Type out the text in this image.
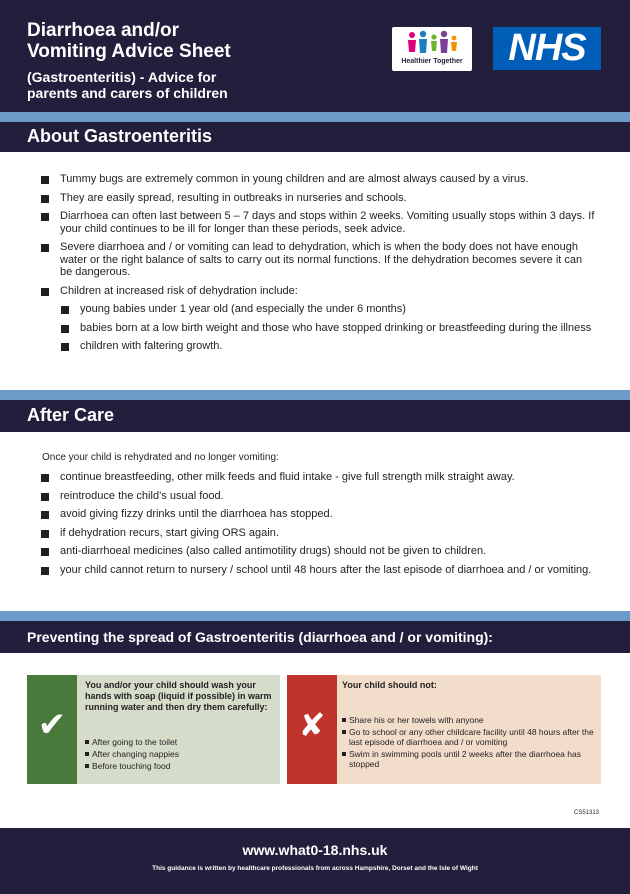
Diarrhoea and/or
Vomiting Advice Sheet
(Gastroenteritis) - Advice for
parents and carers of children
Healthier Together	NHS
About Gastroenteritis
Tummy bugs are extremely common in young children and are almost always caused by a virus.
They are easily spread, resulting in outbreaks in nurseries and schools.
Diarrhoea can often last between 5 – 7 days and stops within 2 weeks. Vomiting usually stops within 3 days. If your child continues to be ill for longer than these periods, seek advice.
Severe diarrhoea and / or vomiting can lead to dehydration, which is when the body does not have enough water or the right balance of salts to carry out its normal functions. If the dehydration becomes severe it can be dangerous.
Children at increased risk of dehydration include:
young babies under 1 year old (and especially the under 6 months)
babies born at a low birth weight and those who have stopped drinking or breastfeeding during the illness
children with faltering growth.
After Care
Once your child is rehydrated and no longer vomiting:
continue breastfeeding, other milk feeds and fluid intake - give full strength milk straight away.
reintroduce the child’s usual food.
avoid giving fizzy drinks until the diarrhoea has stopped.
if dehydration recurs, start giving ORS again.
anti-diarrhoeal medicines (also called antimotility drugs) should not be given to children.
your child cannot return to nursery / school until 48 hours after the last episode of diarrhoea and / or vomiting.
Preventing the spread of Gastroenteritis (diarrhoea and / or vomiting):
✔
You and/or your child should wash your hands with soap (liquid if possible) in warm running water and then dry them carefully:
After going to the toilet
After changing nappies
Before touching food
✘
Your child should not:
Share his or her towels with anyone
Go to school or any other childcare facility until 48 hours after the last episode of diarrhoea and / or vomiting
Swim in swimming pools until 2 weeks after the diarrhoea has stopped
CS51313
www.what0-18.nhs.uk
This guidance is written by healthcare professionals from across Hampshire, Dorset and the Isle of Wight
